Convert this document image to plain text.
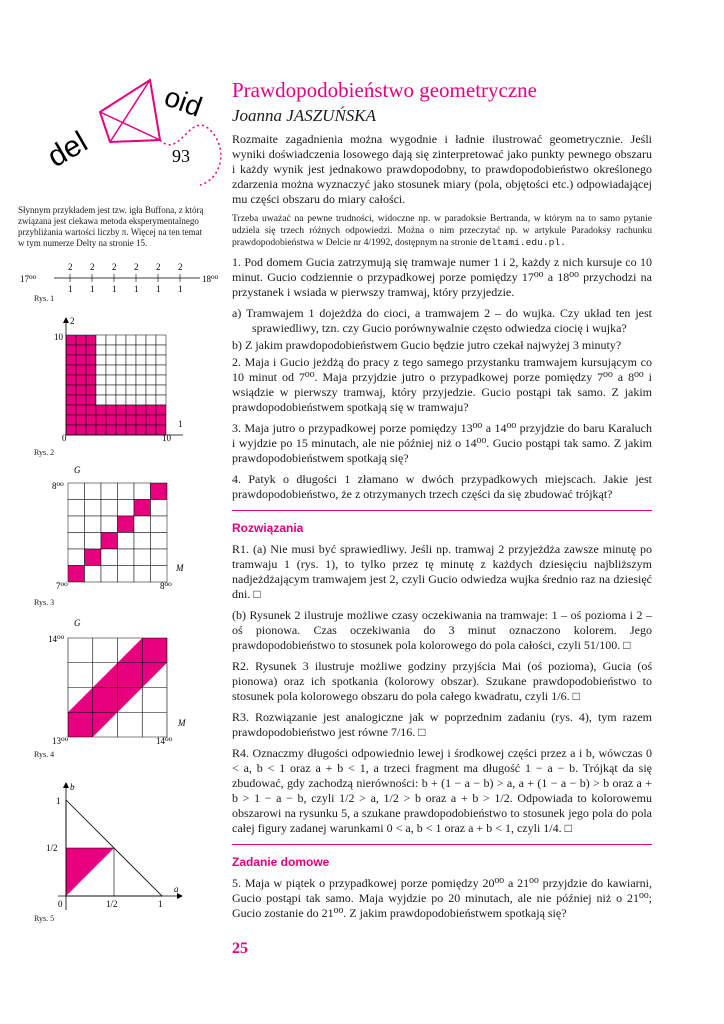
del
oid
93
Prawdopodobieństwo geometryczne
Joanna JASZUŃSKA

Rozmaite zagadnienia można wygodnie i ładnie ilustrować geometrycznie. Jeśli wyniki doświadczenia losowego dają się zinterpretować jako punkty pewnego obszaru i każdy wynik jest jednakowo prawdopodobny, to prawdopodobieństwo określonego zdarzenia można wyznaczyć jako stosunek miary (pola, objętości etc.) odpowiadającej mu części obszaru do miary całości.

Trzeba uważać na pewne trudności, widoczne np. w paradoksie Bertranda, w którym na to samo pytanie udziela się trzech różnych odpowiedzi. Można o nim przeczytać np. w artykule Paradoksy rachunku prawdopodobieństwa w Delcie nr 4/1992, dostępnym na stronie deltami.edu.pl.

1. Pod domem Gucia zatrzymują się tramwaje numer 1 i 2, każdy z nich kursuje co 10 minut. Gucio codziennie o przypadkowej porze pomiędzy 17⁰⁰ a 18⁰⁰ przychodzi na przystanek i wsiada w pierwszy tramwaj, który przyjedzie.

a) Tramwajem 1 dojeżdża do cioci, a tramwajem 2 – do wujka. Czy układ ten jest sprawiedliwy, tzn. czy Gucio porównywalnie często odwiedza ciocię i wujka?

b) Z jakim prawdopodobieństwem Gucio będzie jutro czekał najwyżej 3 minuty?

2. Maja i Gucio jeżdżą do pracy z tego samego przystanku tramwajem kursującym co 10 minut od 7⁰⁰. Maja przyjdzie jutro o przypadkowej porze pomiędzy 7⁰⁰ a 8⁰⁰ i wsiądzie w pierwszy tramwaj, który przyjedzie. Gucio postąpi tak samo. Z jakim prawdopodobieństwem spotkają się w tramwaju?

3. Maja jutro o przypadkowej porze pomiędzy 13⁰⁰ a 14⁰⁰ przyjdzie do baru Karaluch i wyjdzie po 15 minutach, ale nie później niż o 14⁰⁰. Gucio postąpi tak samo. Z jakim prawdopodobieństwem spotkają się?

4. Patyk o długości 1 złamano w dwóch przypadkowych miejscach. Jakie jest prawdopodobieństwo, że z otrzymanych trzech części da się zbudować trójkąt?

Rozwiązania

R1. (a) Nie musi być sprawiedliwy. Jeśli np. tramwaj 2 przyjeżdża zawsze minutę po tramwaju 1 (rys. 1), to tylko przez tę minutę z każdych dziesięciu najbliższym nadjeżdżającym tramwajem jest 2, czyli Gucio odwiedza wujka średnio raz na dziesięć dni. □

(b) Rysunek 2 ilustruje możliwe czasy oczekiwania na tramwaje: 1 – oś pozioma i 2 – oś pionowa. Czas oczekiwania do 3 minut oznaczono kolorem. Jego prawdopodobieństwo to stosunek pola kolorowego do pola całości, czyli 51/100. □

R2. Rysunek 3 ilustruje możliwe godziny przyjścia Mai (oś pozioma), Gucia (oś pionowa) oraz ich spotkania (kolorowy obszar). Szukane prawdopodobieństwo to stosunek pola kolorowego obszaru do pola całego kwadratu, czyli 1/6. □

R3. Rozwiązanie jest analogiczne jak w poprzednim zadaniu (rys. 4), tym razem prawdopodobieństwo jest równe 7/16. □

R4. Oznaczmy długości odpowiednio lewej i środkowej części przez a i b, wówczas 0 < a, b < 1 oraz a + b < 1, a trzeci fragment ma długość 1 − a − b. Trójkąt da się zbudować, gdy zachodzą nierówności: b + (1 − a − b) > a, a + (1 − a − b) > b oraz a + b > 1 − a − b, czyli 1/2 > a, 1/2 > b oraz a + b > 1/2. Odpowiada to kolorowemu obszarowi na rysunku 5, a szukane prawdopodobieństwo to stosunek jego pola do pola całej figury zadanej warunkami 0 < a, b < 1 oraz a + b < 1, czyli 1/4. □

Zadanie domowe

5. Maja w piątek o przypadkowej porze pomiędzy 20⁰⁰ a 21⁰⁰ przyjdzie do kawiarni, Gucio postąpi tak samo. Maja wyjdzie po 20 minutach, ale nie później niż o 21⁰⁰; Gucio zostanie do 21⁰⁰. Z jakim prawdopodobieństwem spotkają się?

25
Słynnym przykładem jest tzw. igła Buffona, z którą związana jest ciekawa metoda eksperymentalnego przybliżania wartości liczby π. Więcej na ten temat w tym numerze Delty na stronie 15.
2
1
2
1
2
1
2
1
2
1
2
1
17⁰⁰	18⁰⁰
Rys. 1
2
10
0	10
1
Rys. 2
G
8⁰⁰
7⁰⁰	8⁰⁰
M
Rys. 3
G
14⁰⁰
13⁰⁰	14⁰⁰
M
Rys. 4
b
1
1/2
0	1/2	1
a
Rys. 5
